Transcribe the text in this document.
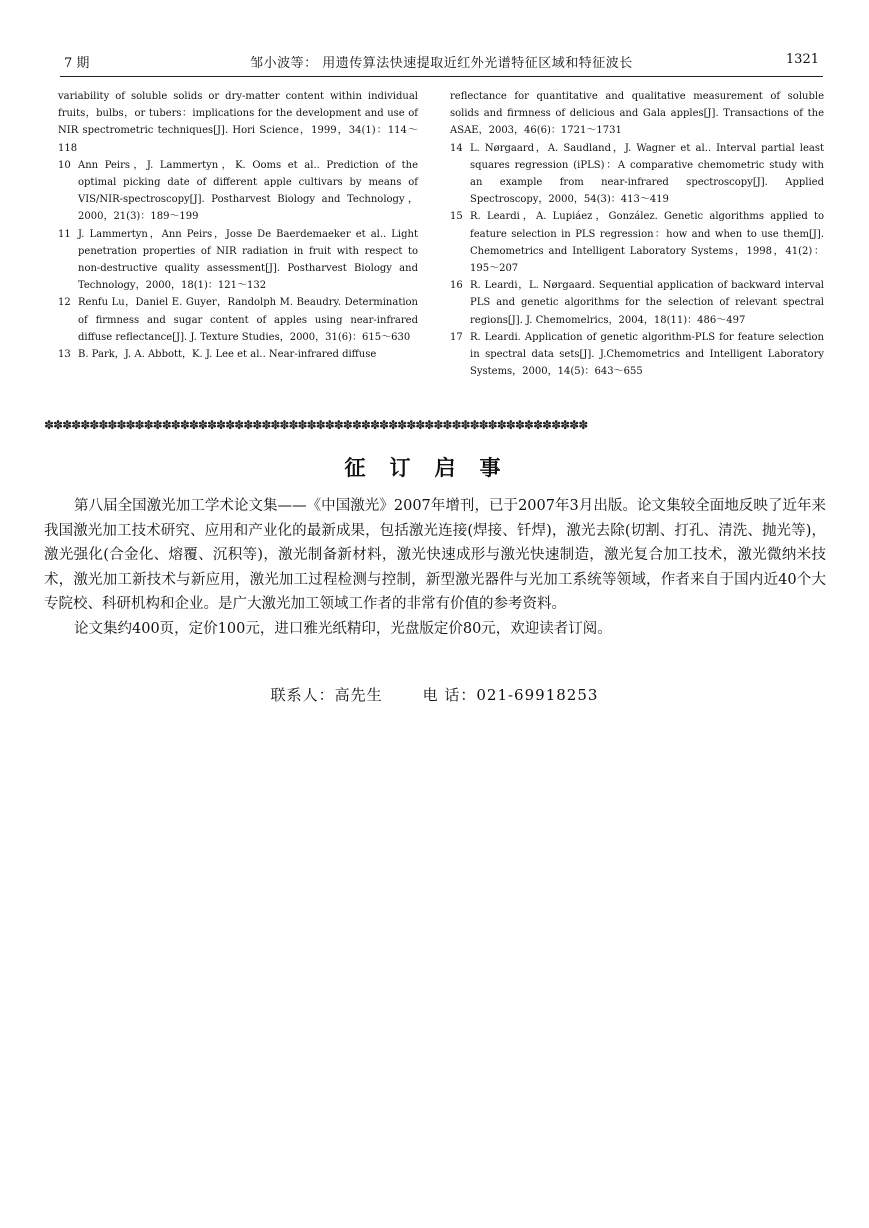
7 期	邹小波等： 用遗传算法快速提取近红外光谱特征区域和特征波长	1321

variability of soluble solids or dry-matter content within individual fruits，bulbs，or tubers：implications for the development and use of NIR spectrometric techniques[J]. Hori Science，1999，34(1)：114～118

10 Ann Peirs，J. Lammertyn，K. Ooms et al.. Prediction of the optimal picking date of different apple cultivars by means of VIS/NIR-spectroscopy[J]. Postharvest Biology and Technology，2000，21(3)：189～199

11 J. Lammertyn，Ann Peirs，Josse De Baerdemaeker et al.. Light penetration properties of NIR radiation in fruit with respect to non-destructive quality assessment[J]. Postharvest Biology and Technology，2000，18(1)：121～132

12 Renfu Lu，Daniel E. Guyer，Randolph M. Beaudry. Determination of firmness and sugar content of apples using near-infrared diffuse reflectance[J]. J. Texture Studies，2000，31(6)：615～630

13 B. Park，J. A. Abbott，K. J. Lee et al.. Near-infrared diffuse

reflectance for quantitative and qualitative measurement of soluble solids and firmness of delicious and Gala apples[J]. Transactions of the ASAE，2003，46(6)：1721～1731

14 L. Nørgaard，A. Saudland，J. Wagner et al.. Interval partial least squares regression (iPLS)：A comparative chemometric study with an example from near-infrared spectroscopy[J]. Applied Spectroscopy，2000，54(3)：413～419

15 R. Leardi，A. Lupiáez，González. Genetic algorithms applied to feature selection in PLS regression：how and when to use them[J]. Chemometrics and Intelligent Laboratory Systems，1998，41(2)：195～207

16 R. Leardi，L. Nørgaard. Sequential application of backward interval PLS and genetic algorithms for the selection of relevant spectral regions[J]. J. Chemomelrics，2004，18(11)：486～497

17 R. Leardi. Application of genetic algorithm-PLS for feature selection in spectral data sets[J]. J.Chemometrics and Intelligent Laboratory Systems，2000，14(5)：643～655

✽✽✽✽✽✽✽✽✽✽✽✽✽✽✽✽✽✽✽✽✽✽✽✽✽✽✽✽✽✽✽✽✽✽✽✽✽✽✽✽✽✽✽✽✽✽✽✽✽✽✽✽✽✽✽✽✽✽✽✽
征订启事

第八届全国激光加工学术论文集——《中国激光》2007年增刊，已于2007年3月出版。论文集较全面地反映了近年来我国激光加工技术研究、应用和产业化的最新成果，包括激光连接(焊接、钎焊)，激光去除(切割、打孔、清洗、抛光等)，激光强化(合金化、熔覆、沉积等)，激光制备新材料，激光快速成形与激光快速制造，激光复合加工技术，激光微纳米技术，激光加工新技术与新应用，激光加工过程检测与控制，新型激光器件与光加工系统等领域，作者来自于国内近40个大专院校、科研机构和企业。是广大激光加工领域工作者的非常有价值的参考资料。

论文集约400页，定价100元，进口雅光纸精印，光盘版定价80元，欢迎读者订阅。

联系人：高先生	电 话：021-69918253
